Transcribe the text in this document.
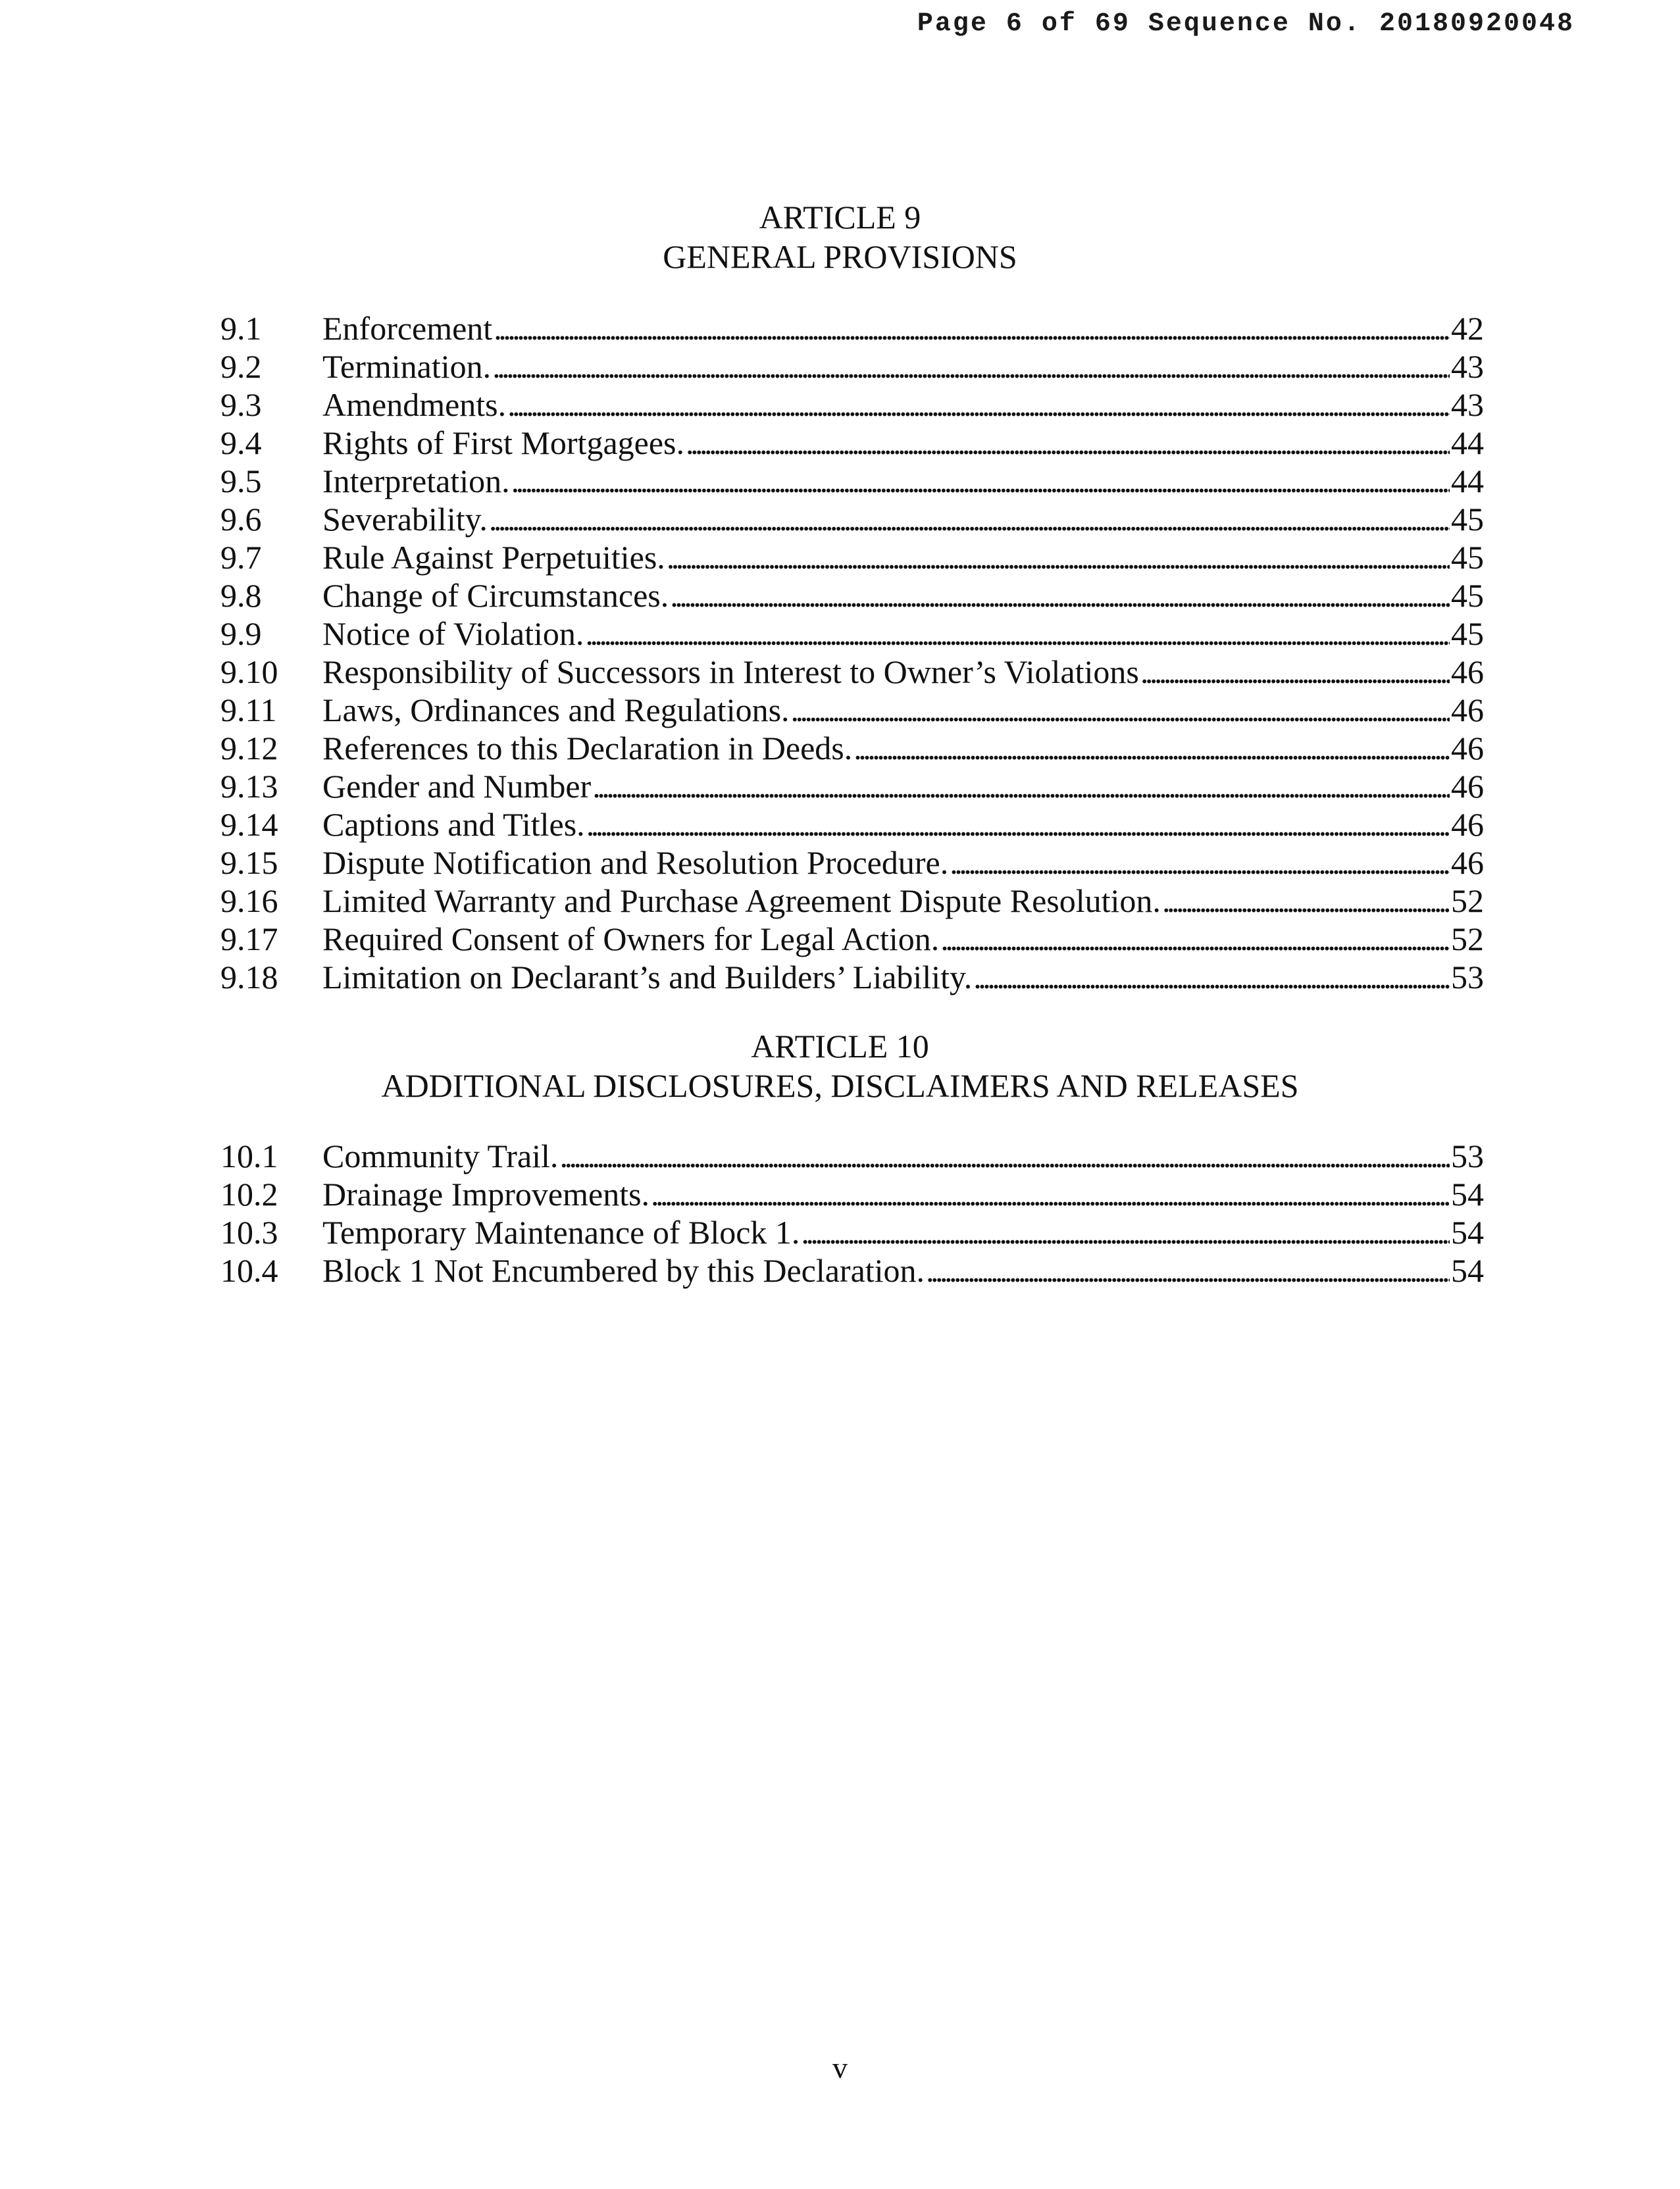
Page 6 of 69 Sequence No. 20180920048
ARTICLE 9
GENERAL PROVISIONS
9.1	Enforcement . . .	42
9.2	Termination. . . .	43
9.3	Amendments. . . .	43
9.4	Rights of First Mortgagees. . . .	44
9.5	Interpretation. . . .	44
9.6	Severability. . . .	45
9.7	Rule Against Perpetuities. . . .	45
9.8	Change of Circumstances. . . .	45
9.9	Notice of Violation. . . .	45
9.10	Responsibility of Successors in Interest to Owner’s Violations . . .	46
9.11	Laws, Ordinances and Regulations. . . .	46
9.12	References to this Declaration in Deeds. . . .	46
9.13	Gender and Number . . .	46
9.14	Captions and Titles. . . .	46
9.15	Dispute Notification and Resolution Procedure. . . .	46
9.16	Limited Warranty and Purchase Agreement Dispute Resolution. . . .	52
9.17	Required Consent of Owners for Legal Action. . . .	52
9.18	Limitation on Declarant’s and Builders’ Liability. . . .	53
ARTICLE 10
ADDITIONAL DISCLOSURES, DISCLAIMERS AND RELEASES
10.1	Community Trail. . . .	53
10.2	Drainage Improvements. . . .	54
10.3	Temporary Maintenance of Block 1. . . .	54
10.4	Block 1 Not Encumbered by this Declaration. . . .	54
v
